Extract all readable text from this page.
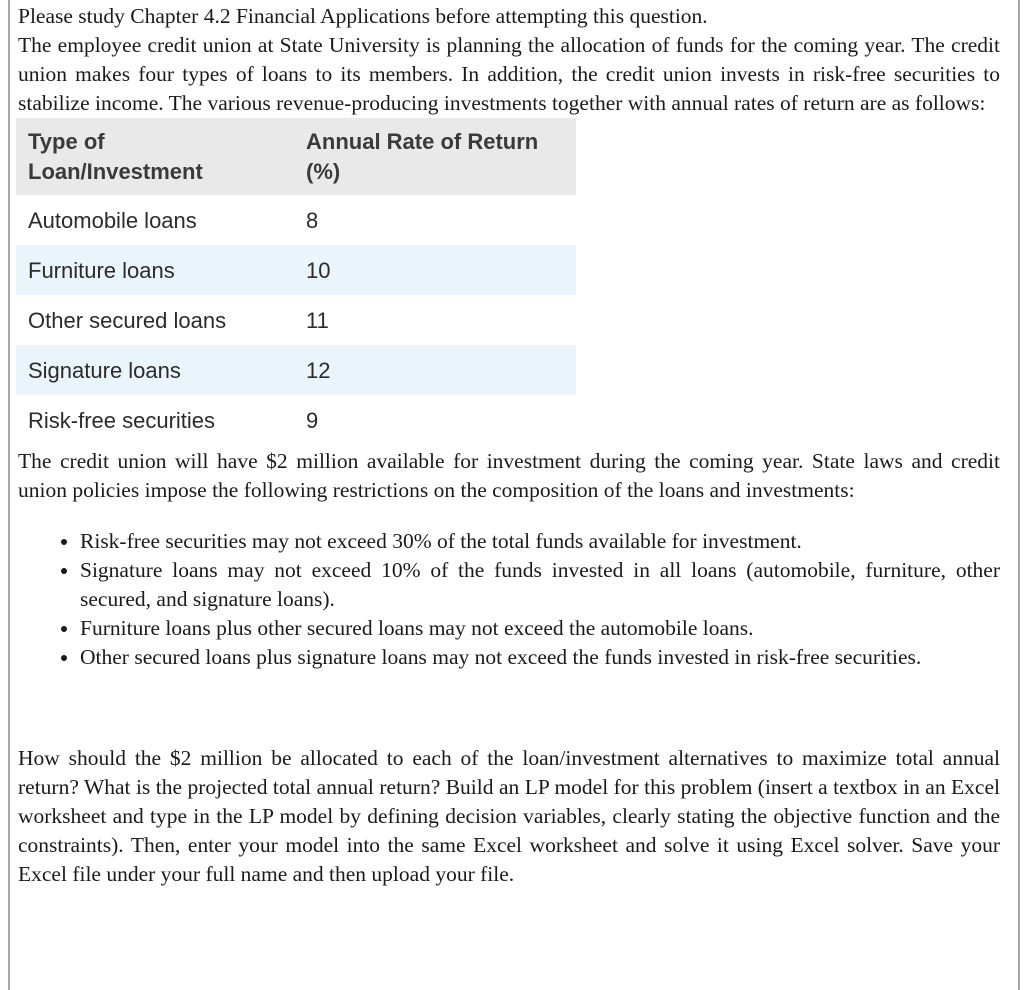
Please study Chapter 4.2 Financial Applications before attempting this question.

The employee credit union at State University is planning the allocation of funds for the coming year. The credit union makes four types of loans to its members. In addition, the credit union invests in risk-free securities to stabilize income. The various revenue-producing investments together with annual rates of return are as follows:

Type of Loan/Investment	Annual Rate of Return (%)
Automobile loans	8
Furniture loans	10
Other secured loans	11
Signature loans	12
Risk-free securities	9

The credit union will have $2 million available for investment during the coming year. State laws and credit union policies impose the following restrictions on the composition of the loans and investments:

• Risk-free securities may not exceed 30% of the total funds available for investment.
• Signature loans may not exceed 10% of the funds invested in all loans (automobile, furniture, other secured, and signature loans).
• Furniture loans plus other secured loans may not exceed the automobile loans.
• Other secured loans plus signature loans may not exceed the funds invested in risk-free securities.

How should the $2 million be allocated to each of the loan/investment alternatives to maximize total annual return? What is the projected total annual return? Build an LP model for this problem (insert a textbox in an Excel worksheet and type in the LP model by defining decision variables, clearly stating the objective function and the constraints). Then, enter your model into the same Excel worksheet and solve it using Excel solver. Save your Excel file under your full name and then upload your file.
